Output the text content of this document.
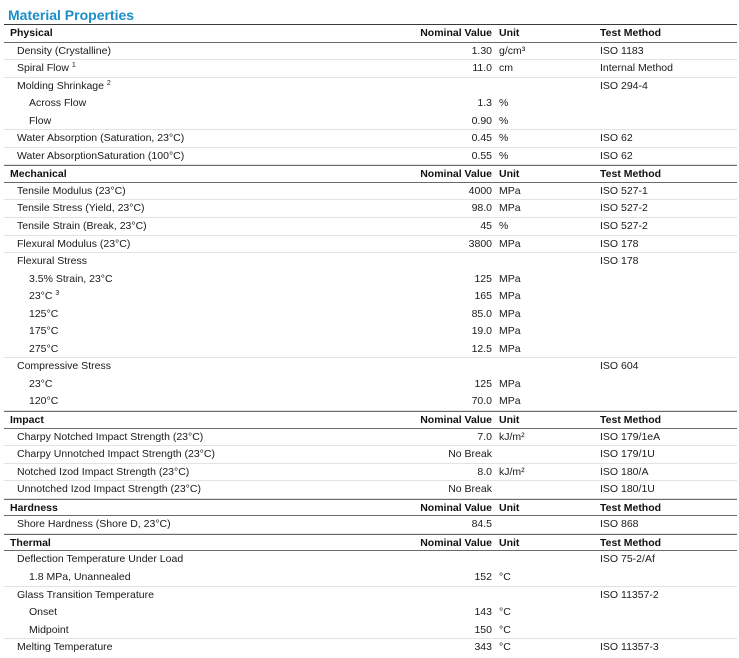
Material Properties
Physical	Nominal Value Unit	Test Method
Density (Crystalline)	1.30 g/cm³	ISO 1183
Spiral Flow $^1$	11.0 cm	Internal Method
Molding Shrinkage $^2$	ISO 294-4
Across Flow	1.3 %
Flow	0.90 %
Water Absorption (Saturation, 23°C)	0.45 %	ISO 62
Water AbsorptionSaturation (100°C)	0.55 %	ISO 62
Mechanical	Nominal Value Unit	Test Method
Tensile Modulus (23°C)	4000 MPa	ISO 527-1
Tensile Stress (Yield, 23°C)	98.0 MPa	ISO 527-2
Tensile Strain (Break, 23°C)	45 %	ISO 527-2
Flexural Modulus (23°C)	3800 MPa	ISO 178
Flexural Stress	ISO 178
3.5% Strain, 23°C	125 MPa
23°C $^3$	165 MPa
125°C	85.0 MPa
175°C	19.0 MPa
275°C	12.5 MPa
Compressive Stress	ISO 604
23°C	125 MPa
120°C	70.0 MPa
Impact	Nominal Value Unit	Test Method
Charpy Notched Impact Strength (23°C)	7.0 kJ/m²	ISO 179/1eA
Charpy Unnotched Impact Strength (23°C)	No Break	ISO 179/1U
Notched Izod Impact Strength (23°C)	8.0 kJ/m²	ISO 180/A
Unnotched Izod Impact Strength (23°C)	No Break	ISO 180/1U
Hardness	Nominal Value Unit	Test Method
Shore Hardness (Shore D, 23°C)	84.5	ISO 868
Thermal	Nominal Value Unit	Test Method
Deflection Temperature Under Load	ISO 75-2/Af
1.8 MPa, Unannealed	152 °C
Glass Transition Temperature	ISO 11357-2
Onset	143 °C
Midpoint	150 °C
Melting Temperature	343 °C	ISO 11357-3
